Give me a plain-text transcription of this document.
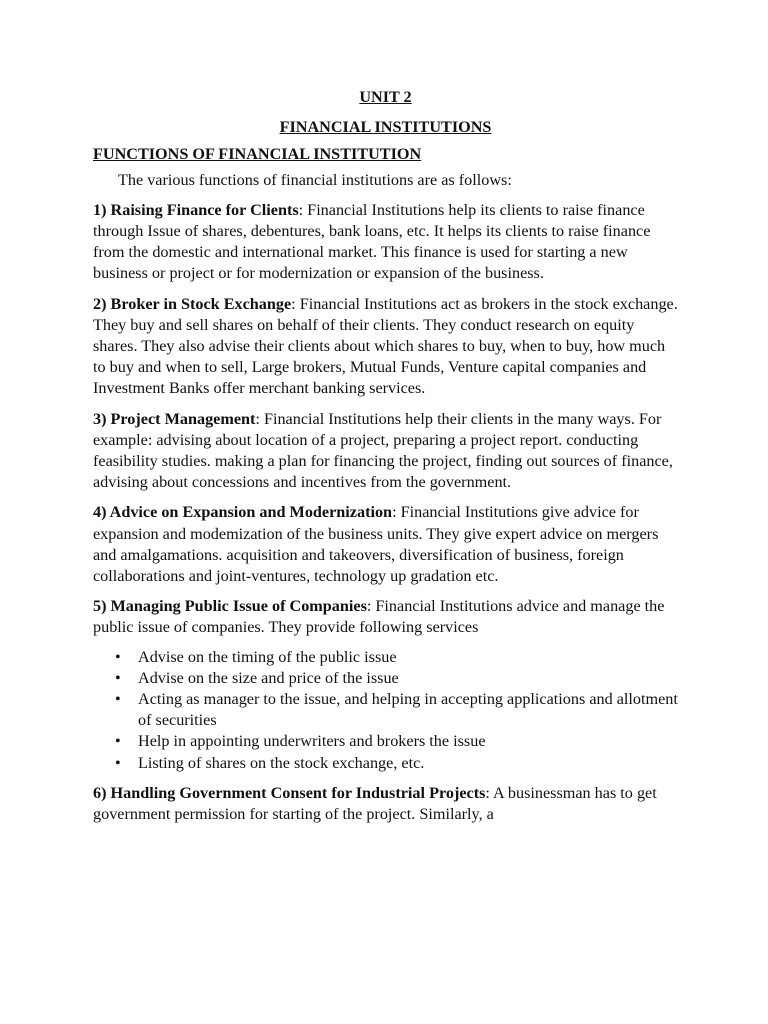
UNIT 2

FINANCIAL INSTITUTIONS

FUNCTIONS OF FINANCIAL INSTITUTION

The various functions of financial institutions are as follows:

1) Raising Finance for Clients: Financial Institutions help its clients to raise finance through Issue of shares, debentures, bank loans, etc. It helps its clients to raise finance from the domestic and international market. This finance is used for starting a new business or project or for modernization or expansion of the business.

2) Broker in Stock Exchange: Financial Institutions act as brokers in the stock exchange. They buy and sell shares on behalf of their clients. They conduct research on equity shares. They also advise their clients about which shares to buy, when to buy, how much to buy and when to sell, Large brokers, Mutual Funds, Venture capital companies and Investment Banks offer merchant banking services.

3) Project Management: Financial Institutions help their clients in the many ways. For example: advising about location of a project, preparing a project report. conducting feasibility studies. making a plan for financing the project, finding out sources of finance, advising about concessions and incentives from the government.

4) Advice on Expansion and Modernization: Financial Institutions give advice for expansion and modemization of the business units. They give expert advice on mergers and amalgamations. acquisition and takeovers, diversification of business, foreign collaborations and joint-ventures, technology up gradation etc.

5) Managing Public Issue of Companies: Financial Institutions advice and manage the public issue of companies. They provide following services

• Advise on the timing of the public issue
• Advise on the size and price of the issue
• Acting as manager to the issue, and helping in accepting applications and allotment of securities
• Help in appointing underwriters and brokers the issue
• Listing of shares on the stock exchange, etc.

6) Handling Government Consent for Industrial Projects: A businessman has to get government permission for starting of the project. Similarly, a
